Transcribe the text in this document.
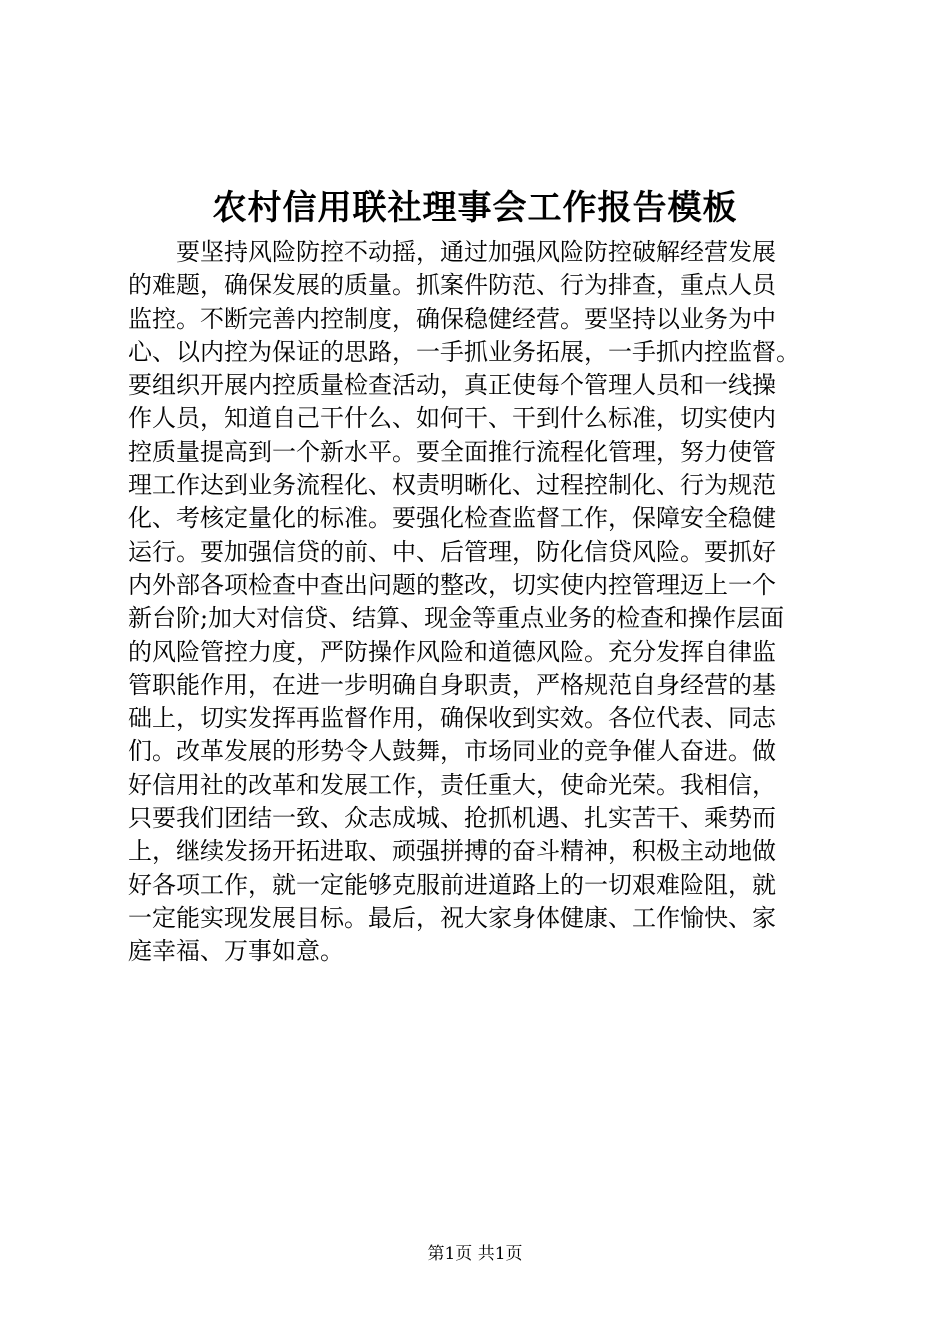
农村信用联社理事会工作报告模板

　　要坚持风险防控不动摇，通过加强风险防控破解经营发展
的难题，确保发展的质量。抓案件防范、行为排查，重点人员
监控。不断完善内控制度，确保稳健经营。要坚持以业务为中
心、以内控为保证的思路，一手抓业务拓展，一手抓内控监督。
要组织开展内控质量检查活动，真正使每个管理人员和一线操
作人员，知道自己干什么、如何干、干到什么标准，切实使内
控质量提高到一个新水平。要全面推行流程化管理，努力使管
理工作达到业务流程化、权责明晰化、过程控制化、行为规范
化、考核定量化的标准。要强化检查监督工作，保障安全稳健
运行。要加强信贷的前、中、后管理，防化信贷风险。要抓好
内外部各项检查中查出问题的整改，切实使内控管理迈上一个
新台阶;加大对信贷、结算、现金等重点业务的检查和操作层面
的风险管控力度，严防操作风险和道德风险。充分发挥自律监
管职能作用，在进一步明确自身职责，严格规范自身经营的基
础上，切实发挥再监督作用，确保收到实效。各位代表、同志
们。改革发展的形势令人鼓舞，市场同业的竞争催人奋进。做
好信用社的改革和发展工作，责任重大，使命光荣。我相信，
只要我们团结一致、众志成城、抢抓机遇、扎实苦干、乘势而
上，继续发扬开拓进取、顽强拼搏的奋斗精神，积极主动地做
好各项工作，就一定能够克服前进道路上的一切艰难险阻，就
一定能实现发展目标。最后，祝大家身体健康、工作愉快、家
庭幸福、万事如意。

第1页 共1页
